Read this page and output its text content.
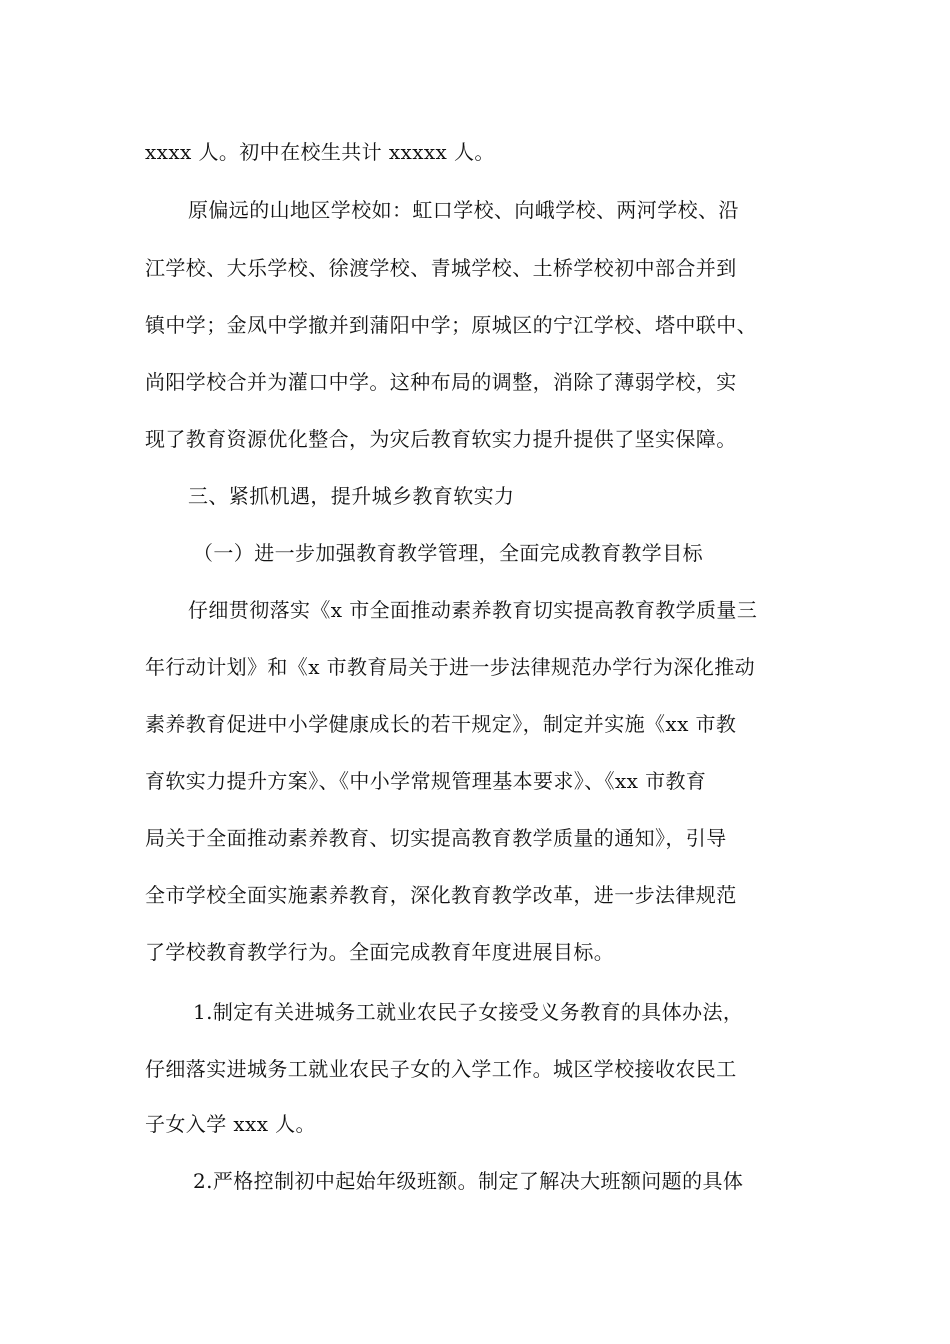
xxxx 人。初中在校生共计 xxxxx 人。
原偏远的山地区学校如：虹口学校、向峨学校、两河学校、沿
江学校、大乐学校、徐渡学校、青城学校、土桥学校初中部合并到
镇中学；金凤中学撤并到蒲阳中学；原城区的宁江学校、塔中联中、
尚阳学校合并为灌口中学。这种布局的调整，消除了薄弱学校，实
现了教育资源优化整合，为灾后教育软实力提升提供了坚实保障。
三、紧抓机遇，提升城乡教育软实力
（一）进一步加强教育教学管理，全面完成教育教学目标
仔细贯彻落实《x 市全面推动素养教育切实提高教育教学质量三
年行动计划》和《x 市教育局关于进一步法律规范办学行为深化推动
素养教育促进中小学健康成长的若干规定》，制定并实施《xx 市教
育软实力提升方案》、《中小学常规管理基本要求》、《xx 市教育
局关于全面推动素养教育、切实提高教育教学质量的通知》，引导
全市学校全面实施素养教育，深化教育教学改革，进一步法律规范
了学校教育教学行为。全面完成教育年度进展目标。
1.制定有关进城务工就业农民子女接受义务教育的具体办法，
仔细落实进城务工就业农民子女的入学工作。城区学校接收农民工
子女入学 xxx 人。
2.严格控制初中起始年级班额。制定了解决大班额问题的具体
